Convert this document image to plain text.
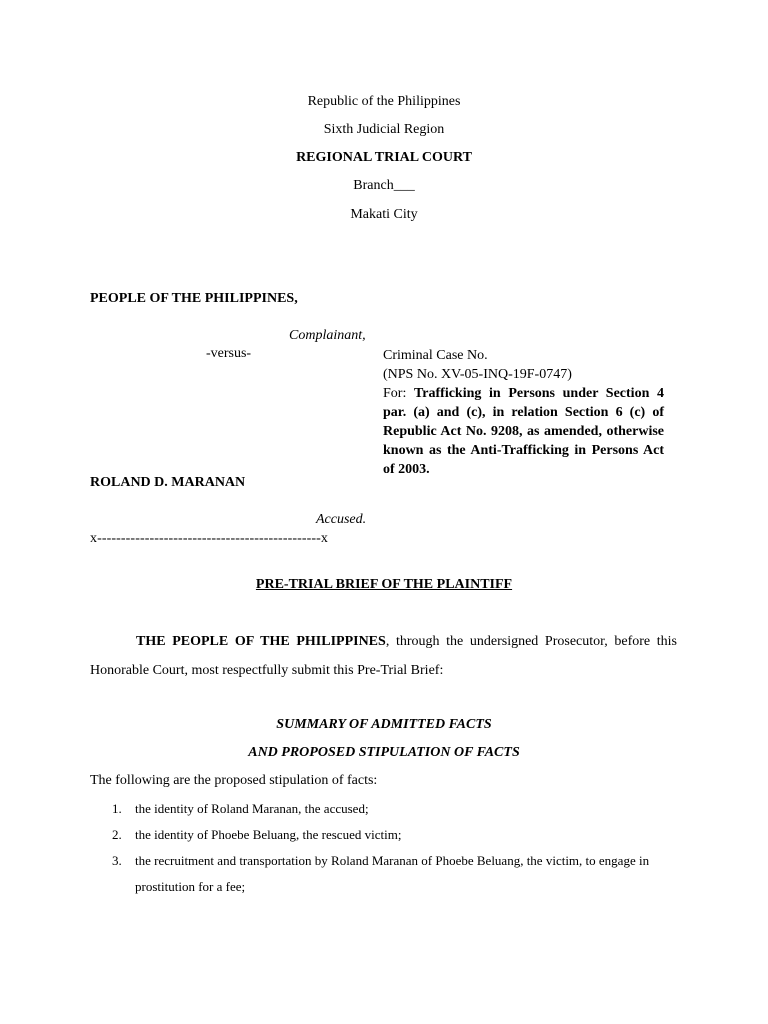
Republic of the Philippines
Sixth Judicial Region
REGIONAL TRIAL COURT
Branch___
Makati City
PEOPLE OF THE PHILIPPINES,
Complainant,
-versus-	Criminal Case No.
(NPS No. XV-05-INQ-19F-0747)
For: Trafficking in Persons under Section 4 par. (a) and (c), in relation Section 6 (c) of Republic Act No. 9208, as amended, otherwise known as the Anti-Trafficking in Persons Act of 2003.
ROLAND D. MARANAN
Accused.
x-----------------------------------------------x
PRE-TRIAL BRIEF OF THE PLAINTIFF
THE PEOPLE OF THE PHILIPPINES, through the undersigned Prosecutor, before this Honorable Court, most respectfully submit this Pre-Trial Brief:
SUMMARY OF ADMITTED FACTS
AND PROPOSED STIPULATION OF FACTS
The following are the proposed stipulation of facts:
1. the identity of Roland Maranan, the accused;
2. the identity of Phoebe Beluang, the rescued victim;
3. the recruitment and transportation by Roland Maranan of Phoebe Beluang, the victim, to engage in prostitution for a fee;
